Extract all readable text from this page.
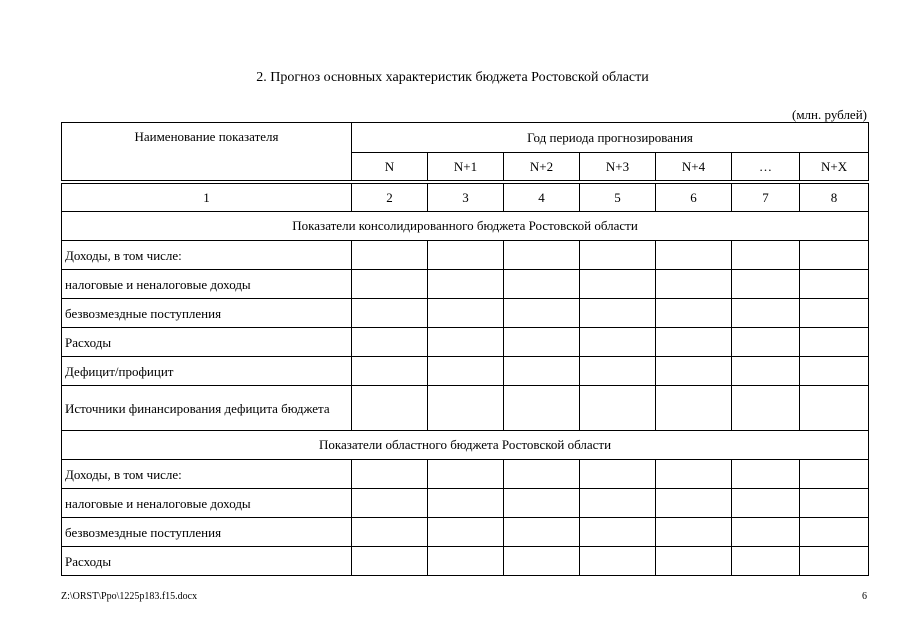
2. Прогноз основных характеристик бюджета Ростовской области
(млн. рублей)
Наименование показателя	Год периода прогнозирования						
	N	N+1	N+2	N+3	N+4	…	N+X

1	2	3	4	5	6	7	8
Показатели консолидированного бюджета Ростовской области							
Доходы, в том числе:							
налоговые и неналоговые доходы							
безвозмездные поступления							
Расходы							
Дефицит/профицит							
Источники финансирования дефицита бюджета							
Показатели областного бюджета Ростовской области							
Доходы, в том числе:							
налоговые и неналоговые доходы							
безвозмездные поступления							
Расходы							
Z:\ORST\Ppo\1225p183.f15.docx	6
